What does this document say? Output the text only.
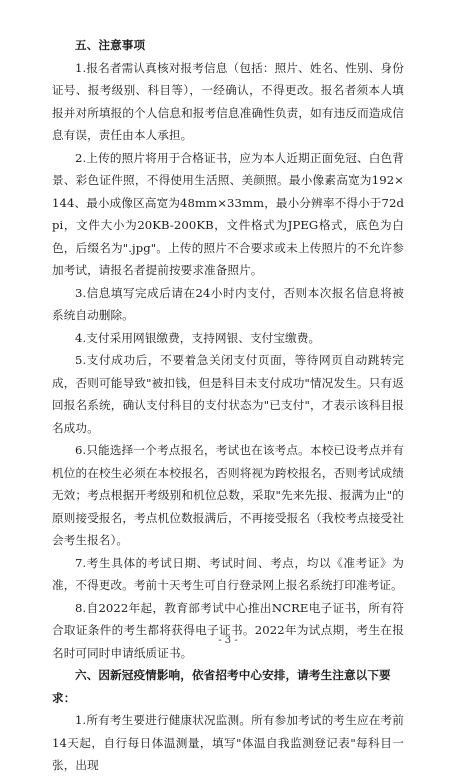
五、注意事项

1.报名者需认真核对报考信息（包括：照片、姓名、性别、身份证号、报考级别、科目等），一经确认，不得更改。报名者须本人填报并对所填报的个人信息和报考信息准确性负责，如有违反而造成信息有误，责任由本人承担。

2.上传的照片将用于合格证书，应为本人近期正面免冠、白色背景、彩色证件照，不得使用生活照、美颜照。最小像素高宽为192×144、最小成像区高宽为48mm×33mm，最小分辨率不得小于72dpi，文件大小为20KB-200KB，文件格式为JPEG格式，底色为白色，后缀名为".jpg"。上传的照片不合要求或未上传照片的不允许参加考试，请报名者提前按要求准备照片。

3.信息填写完成后请在24小时内支付，否则本次报名信息将被系统自动删除。

4.支付采用网银缴费，支持网银、支付宝缴费。

5.支付成功后，不要着急关闭支付页面，等待网页自动跳转完成，否则可能导致"被扣钱，但是科目未支付成功"情况发生。只有返回报名系统，确认支付科目的支付状态为"已支付"，才表示该科目报名成功。

6.只能选择一个考点报名，考试也在该考点。本校已设考点并有机位的在校生必须在本校报名，否则将视为跨校报名，否则考试成绩无效；考点根据开考级别和机位总数，采取"先来先报、报满为止"的原则接受报名，考点机位数报满后，不再接受报名（我校考点接受社会考生报名）。

7.考生具体的考试日期、考试时间、考点，均以《准考证》为准，不得更改。考前十天考生可自行登录网上报名系统打印准考证。

8.自2022年起，教育部考试中心推出NCRE电子证书，所有符合取证条件的考生都将获得电子证书。2022年为试点期，考生在报名时可同时申请纸质证书。

六、因新冠疫情影响，依省招考中心安排，请考生注意以下要求：

1.所有考生要进行健康状况监测。所有参加考试的考生应在考前14天起，自行每日体温测量，填写"体温自我监测登记表"每科目一张，出现

- 3 -
